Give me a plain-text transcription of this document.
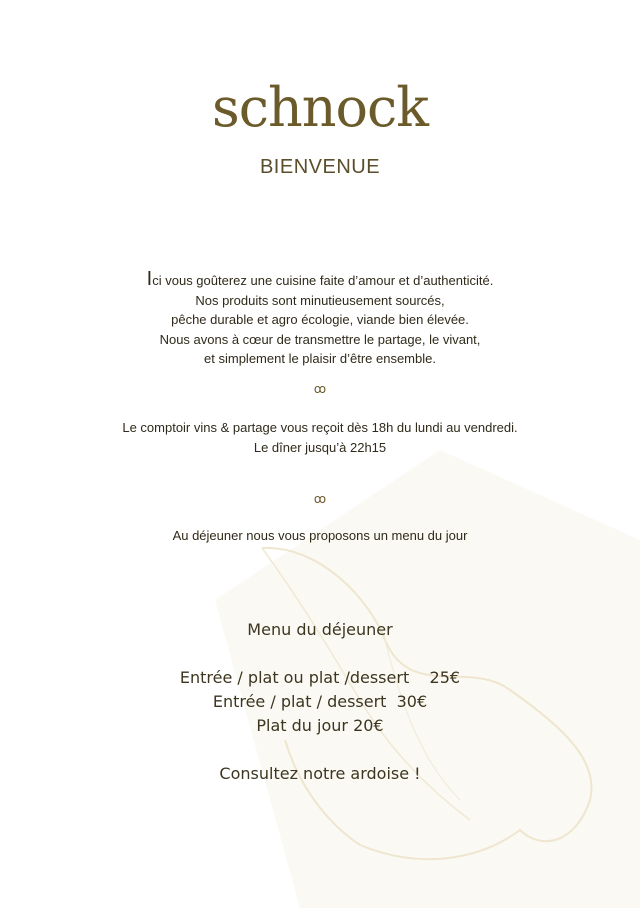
schnock
BIENVENUE
Ici vous goûterez une cuisine faite d’amour et d’authenticité.
Nos produits sont minutieusement sourcés,
pêche durable et agro écologie, viande bien élevée.
Nous avons à cœur de transmettre le partage, le vivant,
et simplement le plaisir d’être ensemble.
ꝏ
Le comptoir vins & partage vous reçoit dès 18h du lundi au vendredi.
Le dîner jusqu’à 22h15
ꝏ
Au déjeuner nous vous proposons un menu du jour
Menu du déjeuner
Entrée / plat ou plat /dessert    25€
Entrée / plat / dessert  30€
Plat du jour 20€
Consultez notre ardoise !
